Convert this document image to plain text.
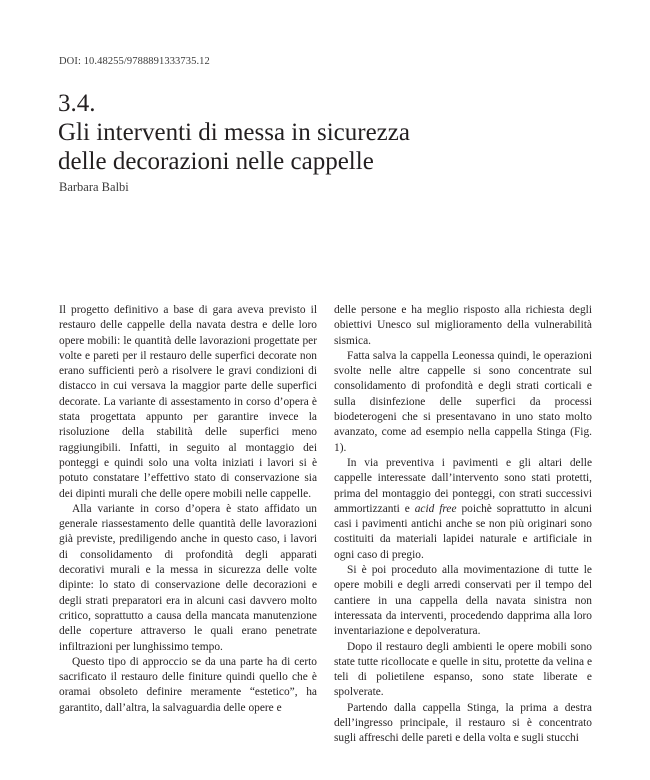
DOI: 10.48255/9788891333735.12
3.4.
Gli interventi di messa in sicurezza
delle decorazioni nelle cappelle
Barbara Balbi

Il progetto definitivo a base di gara aveva previsto il restauro delle cappelle della navata destra e delle loro opere mobili: le quantità delle lavorazioni progettate per volte e pareti per il restauro delle superfici decorate non erano sufficienti però a risolvere le gravi condizioni di distacco in cui versava la maggior parte delle superfici decorate. La variante di assestamento in corso d’opera è stata progettata appunto per garantire invece la risoluzione della stabilità delle superfici meno raggiungibili. Infatti, in seguito al montaggio dei ponteggi e quindi solo una volta iniziati i lavori si è potuto constatare l’effettivo stato di conservazione sia dei dipinti murali che delle opere mobili nelle cappelle.

Alla variante in corso d’opera è stato affidato un generale riassestamento delle quantità delle lavorazioni già previste, prediligendo anche in questo caso, i lavori di consolidamento di profondità degli apparati decorativi murali e la messa in sicurezza delle volte dipinte: lo stato di conservazione delle decorazioni e degli strati preparatori era in alcuni casi davvero molto critico, soprattutto a causa della mancata manutenzione delle coperture attraverso le quali erano penetrate infiltrazioni per lunghissimo tempo.

Questo tipo di approccio se da una parte ha di certo sacrificato il restauro delle finiture quindi quello che è oramai obsoleto definire meramente “estetico”, ha garantito, dall’altra, la salvaguardia delle opere e

delle persone e ha meglio risposto alla richiesta degli obiettivi Unesco sul miglioramento della vulnerabilità sismica.

Fatta salva la cappella Leonessa quindi, le operazioni svolte nelle altre cappelle si sono concentrate sul consolidamento di profondità e degli strati corticali e sulla disinfezione delle superfici da processi biodeterogeni che si presentavano in uno stato molto avanzato, come ad esempio nella cappella Stinga (Fig. 1).

In via preventiva i pavimenti e gli altari delle cappelle interessate dall’intervento sono stati protetti, prima del montaggio dei ponteggi, con strati successivi ammortizzanti e acid free poichè soprattutto in alcuni casi i pavimenti antichi anche se non più originari sono costituiti da materiali lapidei naturale e artificiale in ogni caso di pregio.

Si è poi proceduto alla movimentazione di tutte le opere mobili e degli arredi conservati per il tempo del cantiere in una cappella della navata sinistra non interessata da interventi, procedendo dapprima alla loro inventariazione e depolveratura.

Dopo il restauro degli ambienti le opere mobili sono state tutte ricollocate e quelle in situ, protette da velina e teli di polietilene espanso, sono state liberate e spolverate.

Partendo dalla cappella Stinga, la prima a destra dell’ingresso principale, il restauro si è concentrato sugli affreschi delle pareti e della volta e sugli stucchi
